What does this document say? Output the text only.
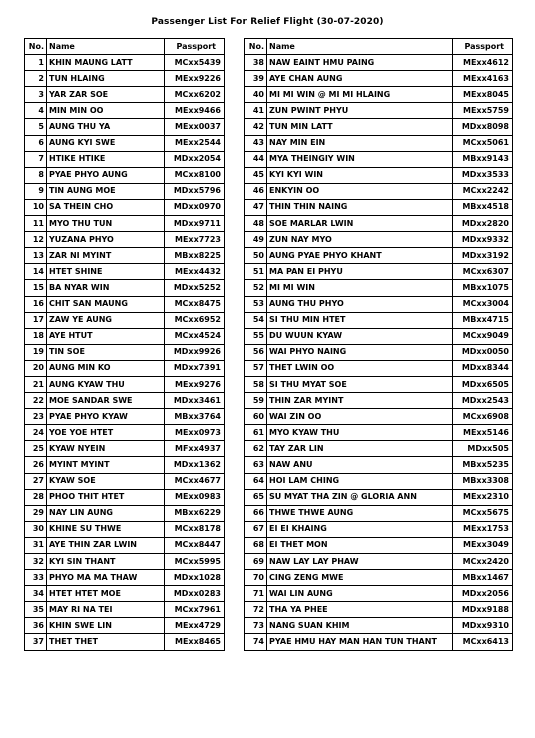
Passenger List For Relief Flight (30-07-2020)
No.	Name	Passport
1	KHIN MAUNG LATT	MCxx5439
2	TUN HLAING	MExx9226
3	YAR ZAR SOE	MCxx6202
4	MIN MIN OO	MExx9466
5	AUNG THU YA	MExx0037
6	AUNG KYI SWE	MExx2544
7	HTIKE HTIKE	MDxx2054
8	PYAE PHYO AUNG	MCxx8100
9	TIN AUNG MOE	MDxx5796
10	SA THEIN CHO	MDxx0970
11	MYO THU TUN	MDxx9711
12	YUZANA PHYO	MExx7723
13	ZAR NI MYINT	MBxx8225
14	HTET SHINE	MExx4432
15	BA NYAR WIN	MDxx5252
16	CHIT SAN MAUNG	MCxx8475
17	ZAW YE AUNG	MCxx6952
18	AYE HTUT	MCxx4524
19	TIN SOE	MDxx9926
20	AUNG MIN KO	MDxx7391
21	AUNG KYAW THU	MExx9276
22	MOE SANDAR SWE	MDxx3461
23	PYAE PHYO KYAW	MBxx3764
24	YOE YOE HTET	MExx0973
25	KYAW NYEIN	MFxx4937
26	MYINT MYINT	MDxx1362
27	KYAW SOE	MCxx4677
28	PHOO THIT HTET	MExx0983
29	NAY LIN AUNG	MBxx6229
30	KHINE SU THWE	MCxx8178
31	AYE THIN ZAR LWIN	MCxx8447
32	KYI SIN THANT	MCxx5995
33	PHYO MA MA THAW	MDxx1028
34	HTET HTET MOE	MDxx0283
35	MAY RI NA TEI	MCxx7961
36	KHIN SWE LIN	MExx4729
37	THET THET	MExx8465
No.	Name	Passport
38	NAW EAINT HMU PAING	MExx4612
39	AYE CHAN AUNG	MExx4163
40	MI MI WIN @ MI MI HLAING	MExx8045
41	ZUN PWINT PHYU	MExx5759
42	TUN MIN LATT	MDxx8098
43	NAY MIN EIN	MCxx5061
44	MYA THEINGIY WIN	MBxx9143
45	KYI KYI WIN	MDxx3533
46	ENKYIN OO	MCxx2242
47	THIN THIN NAING	MBxx4518
48	SOE MARLAR LWIN	MDxx2820
49	ZUN NAY MYO	MDxx9332
50	AUNG PYAE PHYO KHANT	MDxx3192
51	MA PAN EI PHYU	MCxx6307
52	MI MI WIN	MBxx1075
53	AUNG THU PHYO	MCxx3004
54	SI THU MIN HTET	MBxx4715
55	DU WUUN KYAW	MCxx9049
56	WAI PHYO NAING	MDxx0050
57	THET LWIN OO	MDxx8344
58	SI THU MYAT SOE	MDxx6505
59	THIN ZAR MYINT	MDxx2543
60	WAI ZIN OO	MCxx6908
61	MYO KYAW THU	MExx5146
62	TAY ZAR LIN	MDxx505
63	NAW ANU	MBxx5235
64	HOI LAM CHING	MBxx3308
65	SU MYAT THA ZIN @ GLORIA ANN	MExx2310
66	THWE THWE AUNG	MCxx5675
67	EI EI KHAING	MExx1753
68	EI THET MON	MExx3049
69	NAW LAY LAY PHAW	MCxx2420
70	CING ZENG MWE	MBxx1467
71	WAI LIN AUNG	MDxx2056
72	THA YA PHEE	MDxx9188
73	NANG SUAN KHIM	MDxx9310
74	PYAE HMU HAY MAN HAN TUN THANT	MCxx6413
